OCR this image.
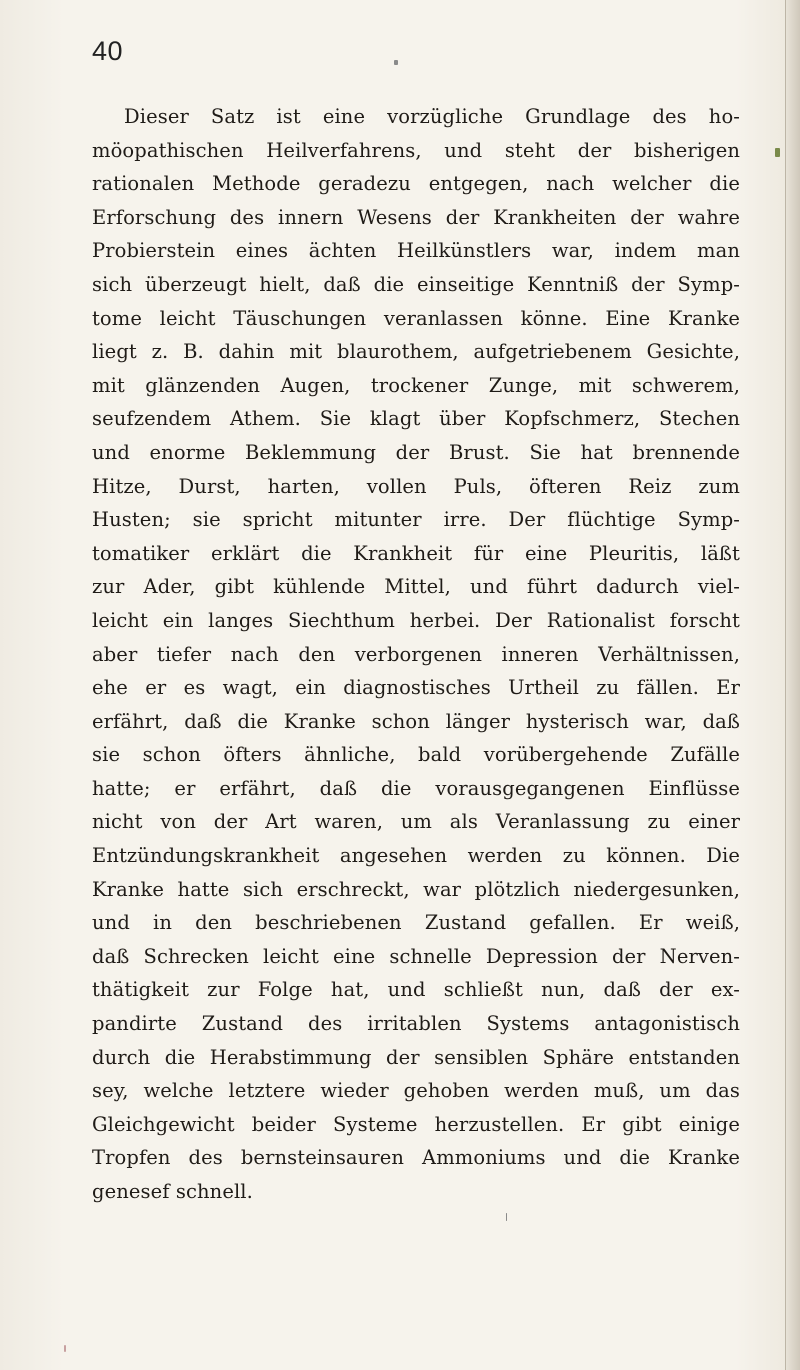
40
Dieser Satz ist eine vorzügliche Grundlage des ho-
möopathischen Heilverfahrens, und steht der bisherigen
rationalen Methode geradezu entgegen, nach welcher die
Erforschung des innern Wesens der Krankheiten der wahre
Probierstein eines ächten Heilkünstlers war, indem man
sich überzeugt hielt, daß die einseitige Kenntniß der Symp-
tome leicht Täuschungen veranlassen könne. Eine Kranke
liegt z. B. dahin mit blaurothem, aufgetriebenem Gesichte,
mit glänzenden Augen, trockener Zunge, mit schwerem,
seufzendem Athem. Sie klagt über Kopfschmerz, Stechen
und enorme Beklemmung der Brust. Sie hat brennende
Hitze, Durst, harten, vollen Puls, öfteren Reiz zum
Husten; sie spricht mitunter irre. Der flüchtige Symp-
tomatiker erklärt die Krankheit für eine Pleuritis, läßt
zur Ader, gibt kühlende Mittel, und führt dadurch viel-
leicht ein langes Siechthum herbei. Der Rationalist forscht
aber tiefer nach den verborgenen inneren Verhältnissen,
ehe er es wagt, ein diagnostisches Urtheil zu fällen. Er
erfährt, daß die Kranke schon länger hysterisch war, daß
sie schon öfters ähnliche, bald vorübergehende Zufälle
hatte; er erfährt, daß die vorausgegangenen Einflüsse
nicht von der Art waren, um als Veranlassung zu einer
Entzündungskrankheit angesehen werden zu können. Die
Kranke hatte sich erschreckt, war plötzlich niedergesunken,
und in den beschriebenen Zustand gefallen. Er weiß,
daß Schrecken leicht eine schnelle Depression der Nerven-
thätigkeit zur Folge hat, und schließt nun, daß der ex-
pandirte Zustand des irritablen Systems antagonistisch
durch die Herabstimmung der sensiblen Sphäre entstanden
sey, welche letztere wieder gehoben werden muß, um das
Gleichgewicht beider Systeme herzustellen. Er gibt einige
Tropfen des bernsteinsauren Ammoniums und die Kranke
genesef schnell.
